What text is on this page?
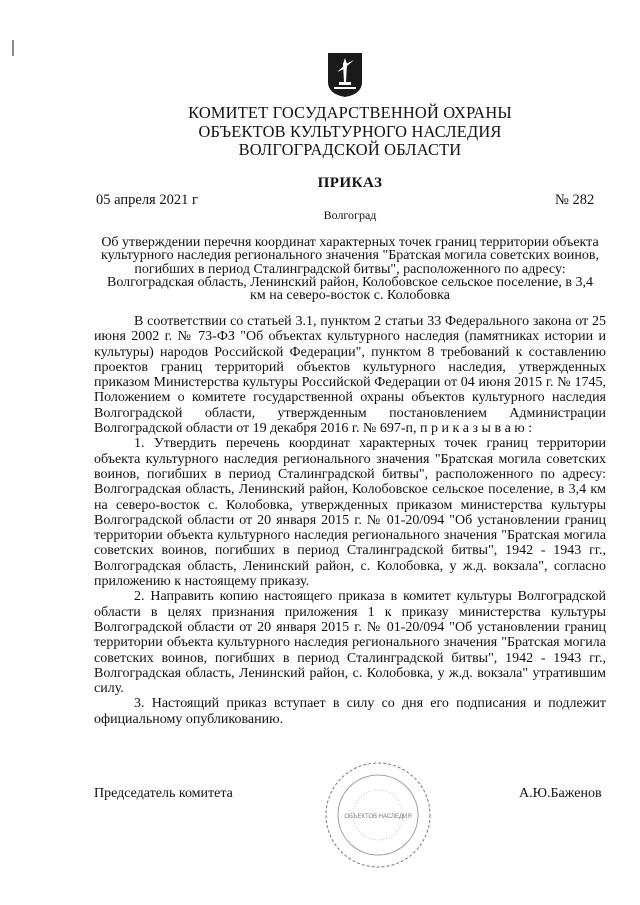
КОМИТЕТ ГОСУДАРСТВЕННОЙ ОХРАНЫ
ОБЪЕКТОВ КУЛЬТУРНОГО НАСЛЕДИЯ
ВОЛГОГРАДСКОЙ ОБЛАСТИ
ПРИКАЗ
05 апреля 2021 г	№ 282
Волгоград
Об утверждении перечня координат характерных точек границ территории объекта культурного наследия регионального значения "Братская могила советских воинов, погибших в период Сталинградской битвы", расположенного по адресу: Волгоградская область, Ленинский район, Колобовское сельское поселение, в 3,4 км на северо-восток с. Колобовка

В соответствии со статьей 3.1, пунктом 2 статьи 33 Федерального закона от 25 июня 2002 г. № 73-ФЗ "Об объектах культурного наследия (памятниках истории и культуры) народов Российской Федерации", пунктом 8 требований к составлению проектов границ территорий объектов культурного наследия, утвержденных приказом Министерства культуры Российской Федерации от 04 июня 2015 г. № 1745, Положением о комитете государственной охраны объектов культурного наследия Волгоградской области, утвержденным постановлением Администрации Волгоградской области от 19 декабря 2016 г. № 697-п, п р и к а з ы в а ю :

1. Утвердить перечень координат характерных точек границ территории объекта культурного наследия регионального значения "Братская могила советских воинов, погибших в период Сталинградской битвы", расположенного по адресу: Волгоградская область, Ленинский район, Колобовское сельское поселение, в 3,4 км на северо-восток с. Колобовка, утвержденных приказом министерства культуры Волгоградской области от 20 января 2015 г. № 01-20/094 "Об установлении границ территории объекта культурного наследия регионального значения "Братская могила советских воинов, погибших в период Сталинградской битвы", 1942 - 1943 гг., Волгоградская область, Ленинский район, с. Колобовка, у ж.д. вокзала", согласно приложению к настоящему приказу.

2. Направить копию настоящего приказа в комитет культуры Волгоградской области в целях признания приложения 1 к приказу министерства культуры Волгоградской области от 20 января 2015 г. № 01-20/094 "Об установлении границ территории объекта культурного наследия регионального значения "Братская могила советских воинов, погибших в период Сталинградской битвы", 1942 - 1943 гг., Волгоградская область, Ленинский район, с. Колобовка, у ж.д. вокзала" утратившим силу.

3. Настоящий приказ вступает в силу со дня его подписания и подлежит официальному опубликованию.

ОБЪЕКТОВ НАСЛЕДИЯ
Председатель комитета	А.Ю.Баженов
